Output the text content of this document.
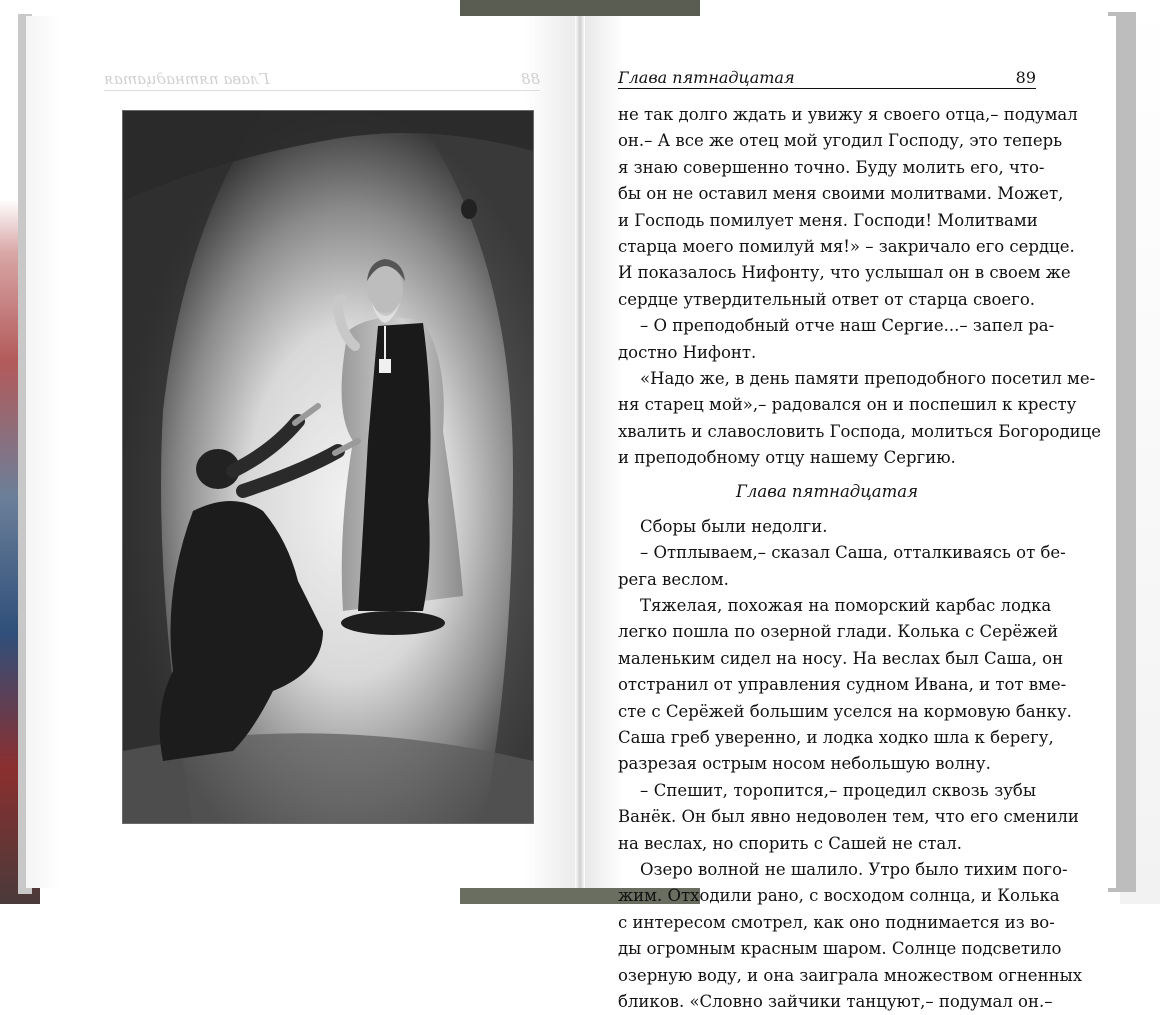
88
Глава пятнадцатая	Глава пятнадцатая	89
не так долго ждать и увижу я своего отца,– подумал
он.– А все же отец мой угодил Господу, это теперь
я знаю совершенно точно. Буду молить его, что-
бы он не оставил меня своими молитвами. Может,
и Господь помилует меня. Господи! Молитвами
старца моего помилуй мя!» – закричало его сердце.
И показалось Нифонту, что услышал он в своем же
сердце утвердительный ответ от старца своего.
– О преподобный отче наш Сергие...– запел ра-
достно Нифонт.
«Надо же, в день памяти преподобного посетил ме-
ня старец мой»,– радовался он и поспешил к кресту
хвалить и славословить Господа, молиться Богородице
и преподобному отцу нашему Сергию.
Глава пятнадцатая
Сборы были недолги.
– Отплываем,– сказал Саша, отталкиваясь от бе-
рега веслом.
Тяжелая, похожая на поморский карбас лодка
легко пошла по озерной глади. Колька с Серёжей
маленьким сидел на носу. На веслах был Саша, он
отстранил от управления судном Ивана, и тот вме-
сте с Серёжей большим уселся на кормовую банку.
Саша греб уверенно, и лодка ходко шла к берегу,
разрезая острым носом небольшую волну.
– Спешит, торопится,– процедил сквозь зубы
Ванёк. Он был явно недоволен тем, что его сменили
на веслах, но спорить с Сашей не стал.
Озеро волной не шалило. Утро было тихим пого-
жим. Отходили рано, с восходом солнца, и Колька
с интересом смотрел, как оно поднимается из во-
ды огромным красным шаром. Солнце подсветило
озерную воду, и она заиграла множеством огненных
бликов. «Словно зайчики танцуют,– подумал он.–
